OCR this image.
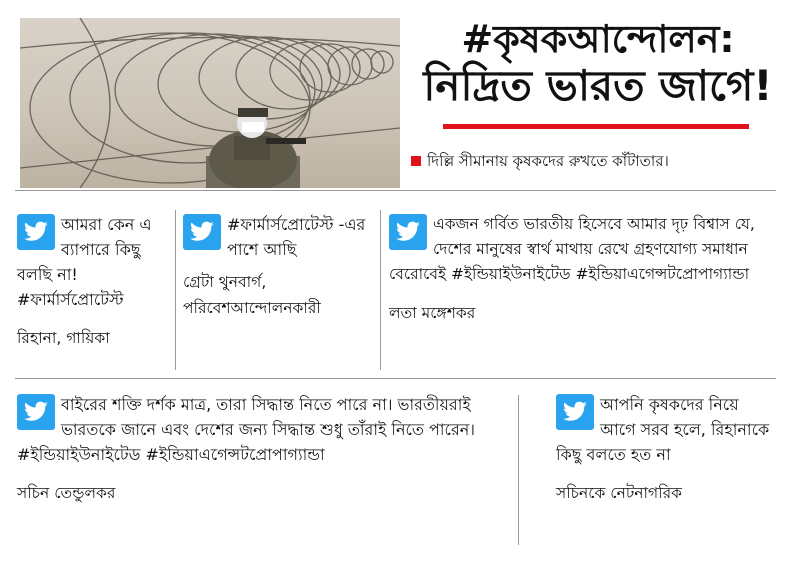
#কৃষকআন্দোলন:
নিদ্রিত ভারত জাগে!
দিল্লি সীমানায় কৃষকদের রুখতে কাঁটাতার।
আমরা কেন এ ব্যাপারে কিছু বলছি না! #ফার্মার্সপ্রোটেস্ট
রিহানা, গায়িকা
#ফার্মার্সপ্রোটেস্ট -এর পাশে আছি
গ্রেটা থুনবার্গ, পরিবেশআন্দোলনকারী
একজন গর্বিত ভারতীয় হিসেবে আমার দৃঢ় বিশ্বাস যে, দেশের মানুষের স্বার্থ মাথায় রেখে গ্রহণযোগ্য সমাধান বেরোবেই #ইন্ডিয়াইউনাইটেড #ইন্ডিয়াএগেন্সটপ্রোপাগ্যান্ডা
লতা মঙ্গেশকর
বাইরের শক্তি দর্শক মাত্র, তারা সিদ্ধান্ত নিতে পারে না। ভারতীয়রাই ভারতকে জানে এবং দেশের জন্য সিদ্ধান্ত শুধু তাঁরাই নিতে পারেন। #ইন্ডিয়াইউনাইটেড #ইন্ডিয়াএগেন্সটপ্রোপাগ্যান্ডা
সচিন তেন্ডুলকর
আপনি কৃষকদের নিয়ে আগে সরব হলে, রিহানাকে কিছু বলতে হত না
সচিনকে নেটনাগরিক
